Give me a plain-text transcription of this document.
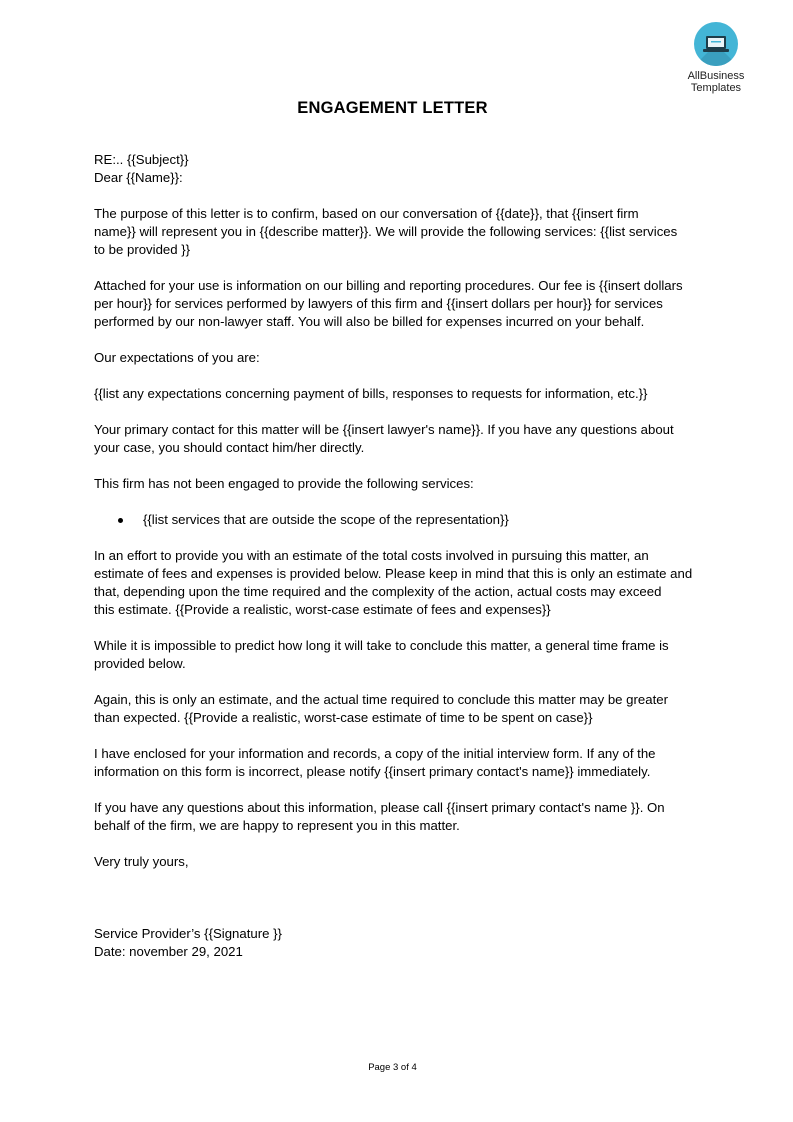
AllBusiness
Templates
ENGAGEMENT LETTER

RE:.. {{Subject}}

Dear {{Name}}:

The purpose of this letter is to confirm, based on our conversation of {{date}}, that {{insert firm

name}} will represent you in {{describe matter}}. We will provide the following services: {{list services

to be provided }}

Attached for your use is information on our billing and reporting procedures. Our fee is {{insert dollars

per hour}} for services performed by lawyers of this firm and {{insert dollars per hour}} for services

performed by our non-lawyer staff. You will also be billed for expenses incurred on your behalf.

Our expectations of you are:

{{list any expectations concerning payment of bills, responses to requests for information, etc.}}

Your primary contact for this matter will be {{insert lawyer's name}}. If you have any questions about

your case, you should contact him/her directly.

This firm has not been engaged to provide the following services:

{{list services that are outside the scope of the representation}}

In an effort to provide you with an estimate of the total costs involved in pursuing this matter, an

estimate of fees and expenses is provided below. Please keep in mind that this is only an estimate and

that, depending upon the time required and the complexity of the action, actual costs may exceed

this estimate. {{Provide a realistic, worst-case estimate of fees and expenses}}

While it is impossible to predict how long it will take to conclude this matter, a general time frame is

provided below.

Again, this is only an estimate, and the actual time required to conclude this matter may be greater

than expected. {{Provide a realistic, worst-case estimate of time to be spent on case}}

I have enclosed for your information and records, a copy of the initial interview form. If any of the

information on this form is incorrect, please notify {{insert primary contact's name}} immediately.

If you have any questions about this information, please call {{insert primary contact's name }}. On

behalf of the firm, we are happy to represent you in this matter.

Very truly yours,

Service Provider’s {{Signature }}

Date: november 29, 2021

Page 3 of 4
